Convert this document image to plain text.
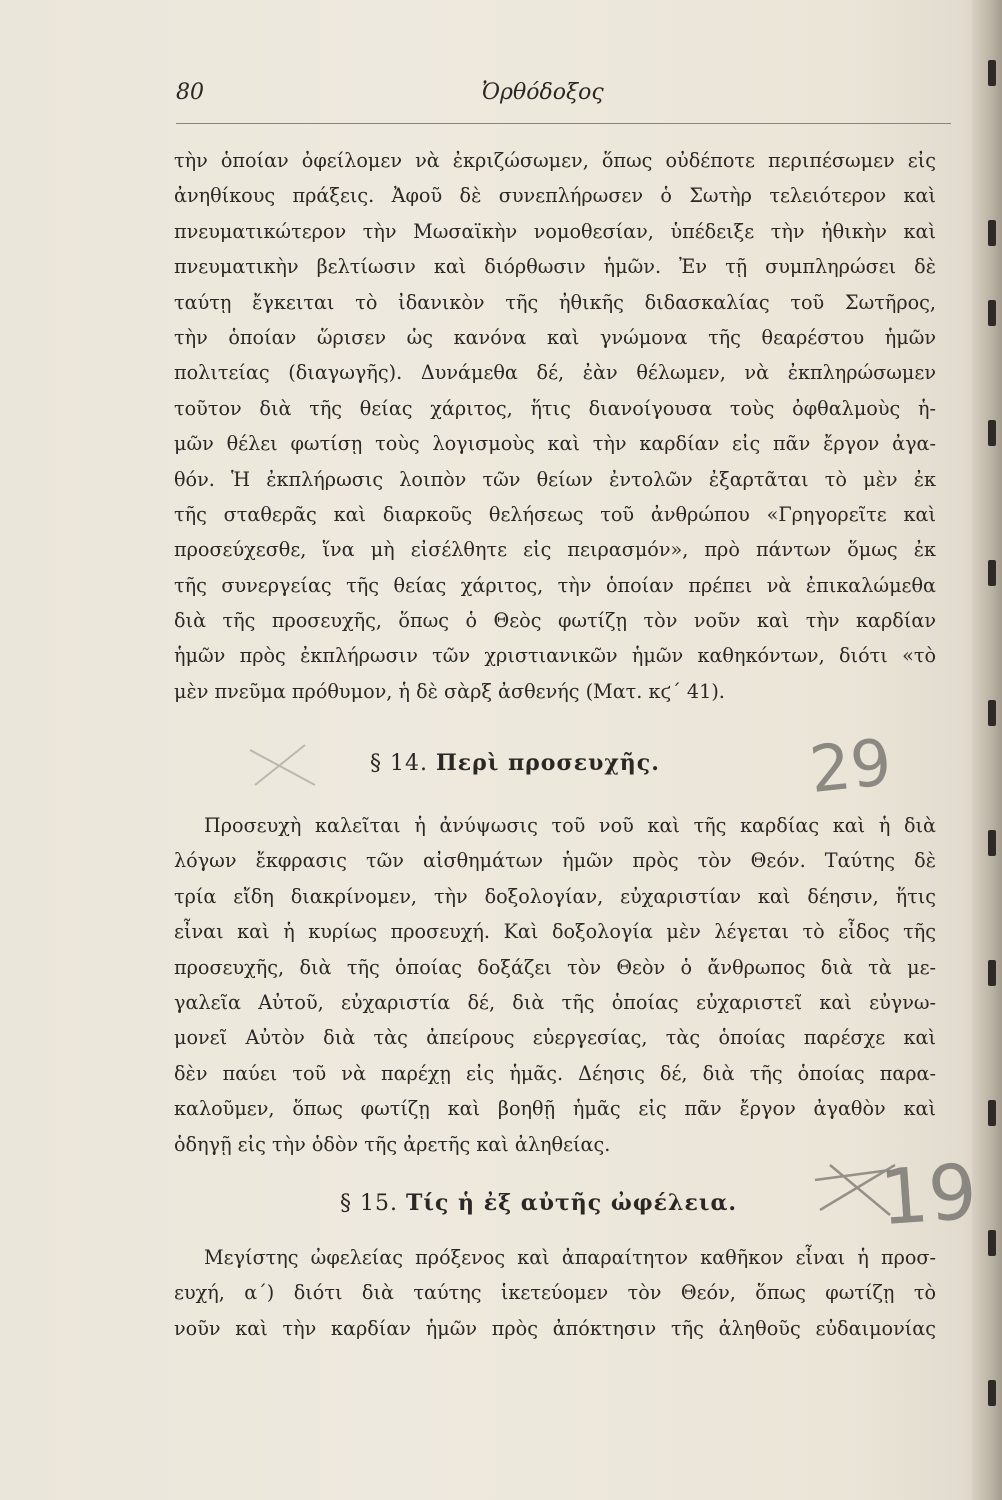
80	Ὀρθόδοξος
τὴν ὁποίαν ὀφείλομεν νὰ ἐκριζώσωμεν, ὅπως οὐδέποτε περιπέσωμεν εἰς
ἀνηθίκους πράξεις. Ἀφοῦ δὲ συνεπλήρωσεν ὁ Σωτὴρ τελειότερον καὶ
πνευματικώτερον τὴν Μωσαϊκὴν νομοθεσίαν, ὑπέδειξε τὴν ἠθικὴν καὶ
πνευματικὴν βελτίωσιν καὶ διόρθωσιν ἡμῶν. Ἐν τῇ συμπληρώσει δὲ
ταύτῃ ἔγκειται τὸ ἰδανικὸν τῆς ἠθικῆς διδασκαλίας τοῦ Σωτῆρος,
τὴν ὁποίαν ὥρισεν ὡς κανόνα καὶ γνώμονα τῆς θεαρέστου ἡμῶν
πολιτείας (διαγωγῆς). Δυνάμεθα δέ, ἐὰν θέλωμεν, νὰ ἐκπληρώσωμεν
τοῦτον διὰ τῆς θείας χάριτος, ἥτις διανοίγουσα τοὺς ὀφθαλμοὺς ἡ-
μῶν θέλει φωτίσῃ τοὺς λογισμοὺς καὶ τὴν καρδίαν εἰς πᾶν ἔργον ἀγα-
θόν. Ἡ ἐκπλήρωσις λοιπὸν τῶν θείων ἐντολῶν ἐξαρτᾶται τὸ μὲν ἐκ
τῆς σταθερᾶς καὶ διαρκοῦς θελήσεως τοῦ ἀνθρώπου «Γρηγορεῖτε καὶ
προσεύχεσθε, ἵνα μὴ εἰσέλθητε εἰς πειρασμόν», πρὸ πάντων ὅμως ἐκ
τῆς συνεργείας τῆς θείας χάριτος, τὴν ὁποίαν πρέπει νὰ ἐπικαλώμεθα
διὰ τῆς προσευχῆς, ὅπως ὁ Θεὸς φωτίζῃ τὸν νοῦν καὶ τὴν καρδίαν
ἡμῶν πρὸς ἐκπλήρωσιν τῶν χριστιανικῶν ἡμῶν καθηκόντων, διότι «τὸ
μὲν πνεῦμα πρόθυμον, ἡ δὲ σὰρξ ἀσθενής (Ματ. κϛ΄ 41).
§ 14. Περὶ προσευχῆς.
Προσευχὴ καλεῖται ἡ ἀνύψωσις τοῦ νοῦ καὶ τῆς καρδίας καὶ ἡ διὰ
λόγων ἔκφρασις τῶν αἰσθημάτων ἡμῶν πρὸς τὸν Θεόν. Ταύτης δὲ
τρία εἴδη διακρίνομεν, τὴν δοξολογίαν, εὐχαριστίαν καὶ δέησιν, ἥτις
εἶναι καὶ ἡ κυρίως προσευχή. Καὶ δοξολογία μὲν λέγεται τὸ εἶδος τῆς
προσευχῆς, διὰ τῆς ὁποίας δοξάζει τὸν Θεὸν ὁ ἄνθρωπος διὰ τὰ με-
γαλεῖα Αὐτοῦ, εὐχαριστία δέ, διὰ τῆς ὁποίας εὐχαριστεῖ καὶ εὐγνω-
μονεῖ Αὐτὸν διὰ τὰς ἀπείρους εὐεργεσίας, τὰς ὁποίας παρέσχε καὶ
δὲν παύει τοῦ νὰ παρέχῃ εἰς ἡμᾶς. Δέησις δέ, διὰ τῆς ὁποίας παρα-
καλοῦμεν, ὅπως φωτίζῃ καὶ βοηθῇ ἡμᾶς εἰς πᾶν ἔργον ἀγαθὸν καὶ
ὁδηγῇ εἰς τὴν ὁδὸν τῆς ἀρετῆς καὶ ἀληθείας.
§ 15. Τίς ἡ ἐξ αὐτῆς ὠφέλεια.
Μεγίστης ὠφελείας πρόξενος καὶ ἀπαραίτητον καθῆκον εἶναι ἡ προσ-
ευχή, α΄) διότι διὰ ταύτης ἱκετεύομεν τὸν Θεόν, ὅπως φωτίζῃ τὸ
νοῦν καὶ τὴν καρδίαν ἡμῶν πρὸς ἀπόκτησιν τῆς ἀληθοῦς εὐδαιμονίας
29
19
